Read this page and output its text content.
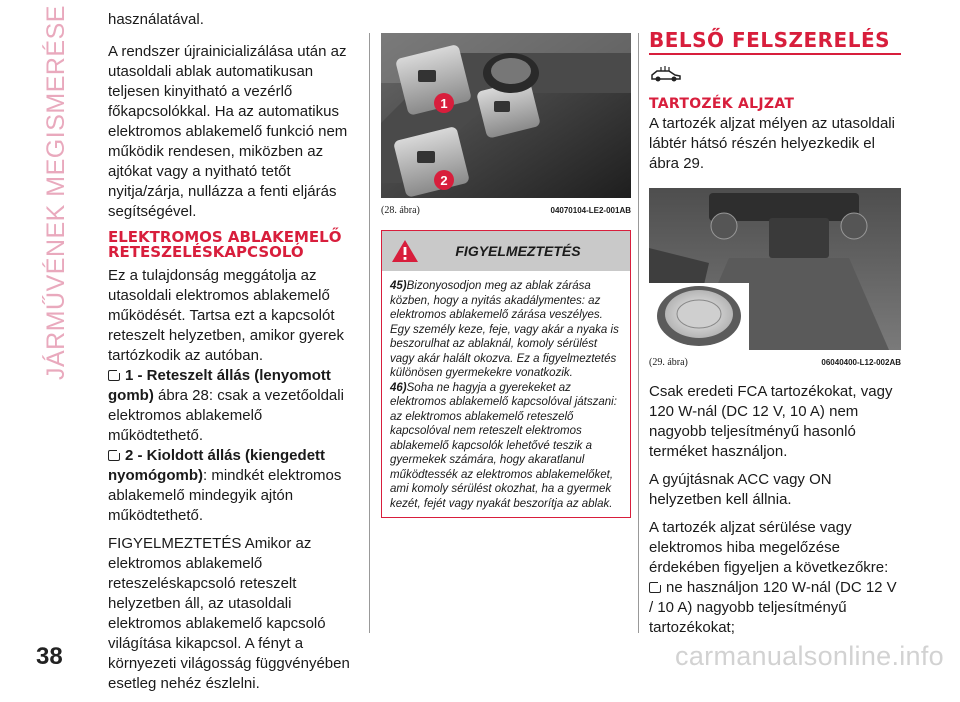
JÁRMŰVÉNEK MEGISMERÉSE	használatával.

A rendszer újrainicializálása után az utasoldali ablak automatikusan teljesen kinyitható a vezérlő főkapcsolókkal. Ha az automatikus elektromos ablakemelő funkció nem működik rendesen, miközben az ajtókat vagy a nyitható tetőt nyitja/zárja, nullázza a fenti eljárás segítségével.

ELEKTROMOS ABLAKEMELŐ RETESZELÉSKAPCSOLÓ

Ez a tulajdonság meggátolja az utasoldali elektromos ablakemelő működését. Tartsa ezt a kapcsolót reteszelt helyzetben, amikor gyerek tartózkodik az autóban.

1 - Reteszelt állás (lenyomott gomb) ábra 28: csak a vezetőoldali elektromos ablakemelő működtethető.

2 - Kioldott állás (kiengedett nyomógomb): mindkét elektromos ablakemelő mindegyik ajtón működtethető.

FIGYELMEZTETÉS Amikor az elektromos ablakemelő reteszeléskapcsoló reteszelt helyzetben áll, az utasoldali elektromos ablakemelő kapcsoló világítása kikapcsol. A fényt a környezeti világosság függvényében esetleg nehéz észlelni.

1
2
(28. ábra)	04070104-LE2-001AB
FIGYELMEZTETÉS

45)Bizonyosodjon meg az ablak zárása közben, hogy a nyitás akadálymentes: az elektromos ablakemelő zárása veszélyes. Egy személy keze, feje, vagy akár a nyaka is beszorulhat az ablaknál, komoly sérülést vagy akár halált okozva. Ez a figyelmeztetés különösen gyermekekre vonatkozik.

46)Soha ne hagyja a gyerekeket az elektromos ablakemelő kapcsolóval játszani: az elektromos ablakemelő reteszelő kapcsolóval nem reteszelt elektromos ablakemelő kapcsolók lehetővé teszik a gyermekek számára, hogy akaratlanul működtessék az elektromos ablakemelőket, ami komoly sérülést okozhat, ha a gyermek kezét, fejét vagy nyakát beszorítja az ablak.

BELSŐ FELSZERELÉS
TARTOZÉK ALJZAT

A tartozék aljzat mélyen az utasoldali lábtér hátsó részén helyezkedik el ábra 29.

(29. ábra)	06040400-L12-002AB

Csak eredeti FCA tartozékokat, vagy 120 W-nál (DC 12 V, 10 A) nem nagyobb teljesítményű hasonló terméket használjon.

A gyújtásnak ACC vagy ON helyzetben kell állnia.

A tartozék aljzat sérülése vagy elektromos hiba megelőzése érdekében figyeljen a következőkre:

ne használjon 120 W-nál (DC 12 V / 10 A) nagyobb teljesítményű tartozékokat;

38	carmanualsonline.info
